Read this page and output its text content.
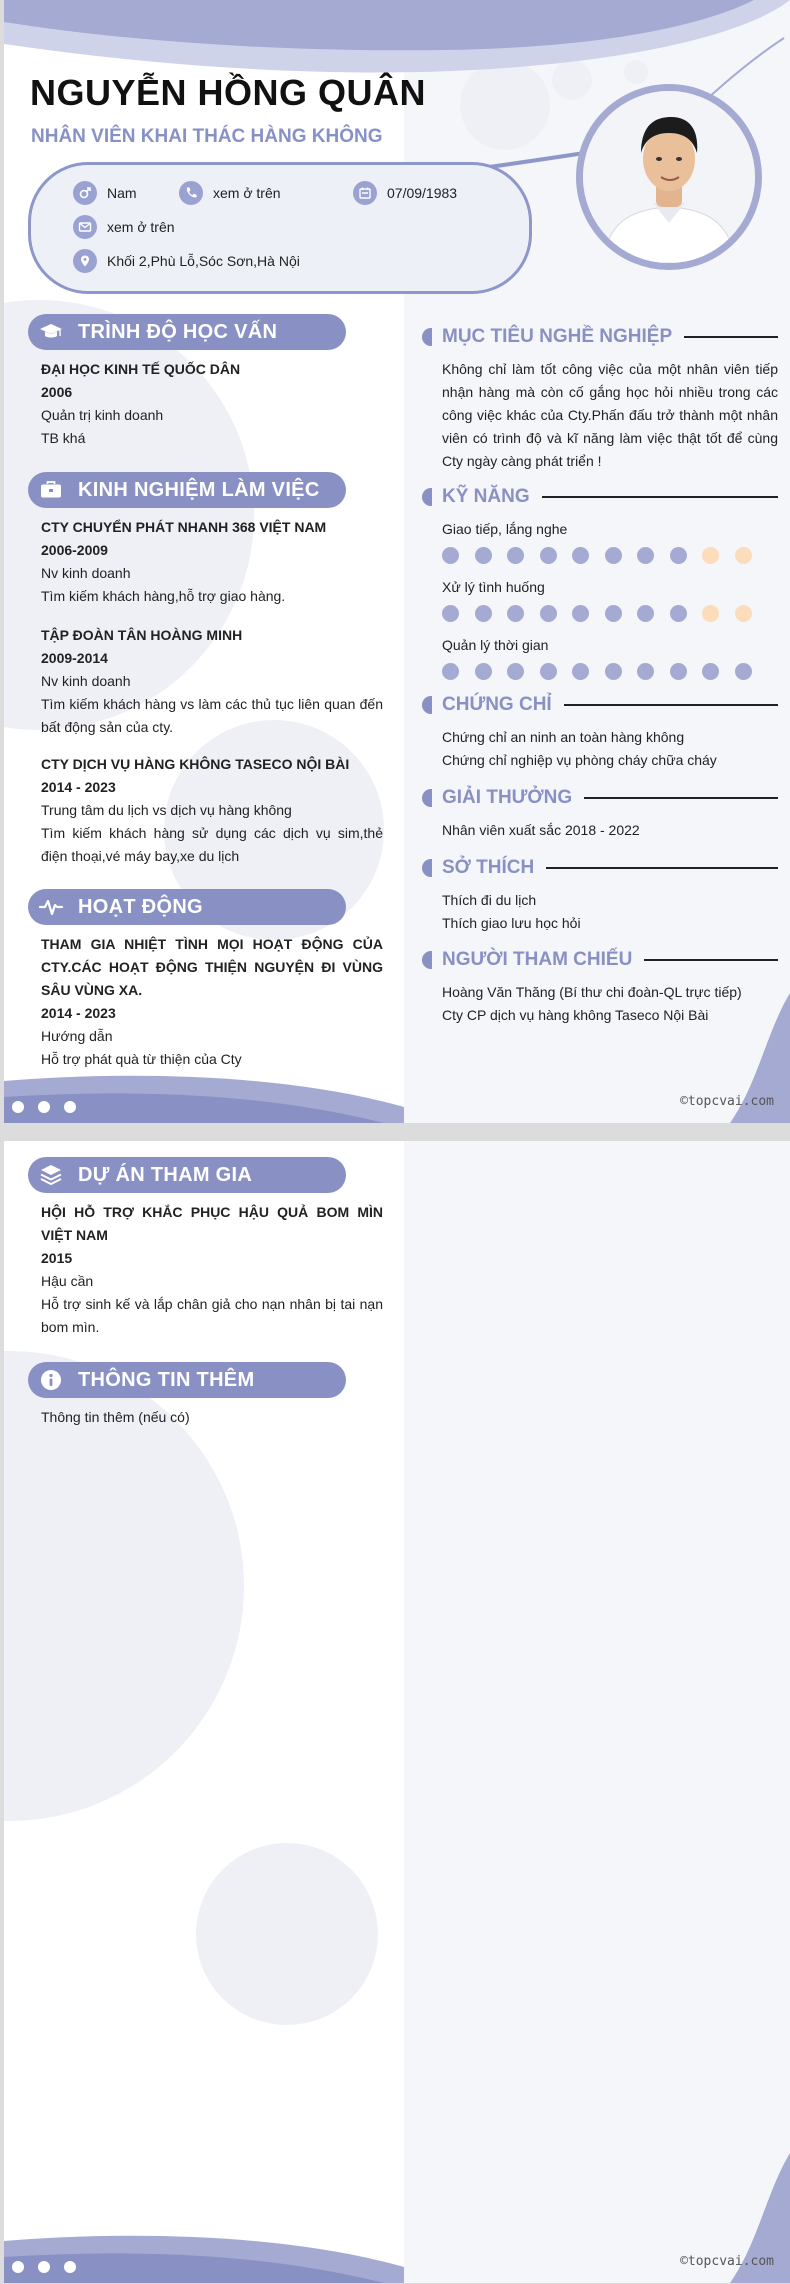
NGUYỄN HỒNG QUÂN
NHÂN VIÊN KHAI THÁC HÀNG KHÔNG
Nam	xem ở trên	07/09/1983
xem ở trên
Khối 2,Phù Lỗ,Sóc Sơn,Hà Nội
TRÌNH ĐỘ HỌC VẤN
ĐẠI HỌC KINH TẾ QUỐC DÂN
2006
Quản trị kinh doanh
TB khá
KINH NGHIỆM LÀM VIỆC
CTY CHUYỂN PHÁT NHANH 368 VIỆT NAM
2006-2009
Nv kinh doanh
Tìm kiếm khách hàng,hỗ trợ giao hàng.
TẬP ĐOÀN TÂN HOÀNG MINH
2009-2014
Nv kinh doanh
Tìm kiếm khách hàng vs làm các thủ tục liên quan đến bất động sản của cty.
CTY DỊCH VỤ HÀNG KHÔNG TASECO NỘI BÀI
2014 - 2023
Trung tâm du lịch vs dịch vụ hàng không
Tìm kiếm khách hàng sử dụng các dịch vụ sim,thẻ điện thoại,vé máy bay,xe du lịch
HOẠT ĐỘNG
THAM GIA NHIỆT TÌNH MỌI HOẠT ĐỘNG CỦA CTY.CÁC HOẠT ĐỘNG THIỆN NGUYỆN ĐI VÙNG SÂU VÙNG XA.
2014 - 2023
Hướng dẫn
Hỗ trợ phát quà từ thiện của Cty
MỤC TIÊU NGHỀ NGHIỆP
Không chỉ làm tốt công việc của một nhân viên tiếp nhận hàng mà còn cố gắng học hỏi nhiều trong các công việc khác của Cty.Phấn đấu trở thành một nhân viên có trình độ và kĩ năng làm việc thật tốt để cùng Cty ngày càng phát triển !
KỸ NĂNG
Giao tiếp, lắng nghe
Xử lý tình huống
Quản lý thời gian
CHỨNG CHỈ
Chứng chỉ an ninh an toàn hàng không
Chứng chỉ nghiệp vụ phòng cháy chữa cháy
GIẢI THƯỞNG
Nhân viên xuất sắc 2018 - 2022
SỞ THÍCH
Thích đi du lịch
Thích giao lưu học hỏi
NGƯỜI THAM CHIẾU
Hoàng Văn Thăng (Bí thư chi đoàn-QL trực tiếp)
Cty CP dịch vụ hàng không Taseco Nội Bài
©topcvai.com
DỰ ÁN THAM GIA
HỘI HỖ TRỢ KHẮC PHỤC HẬU QUẢ BOM MÌN VIỆT NAM
2015
Hậu cần
Hỗ trợ sinh kế và lắp chân giả cho nạn nhân bị tai nạn bom mìn.
THÔNG TIN THÊM
Thông tin thêm (nếu có)
©topcvai.com
